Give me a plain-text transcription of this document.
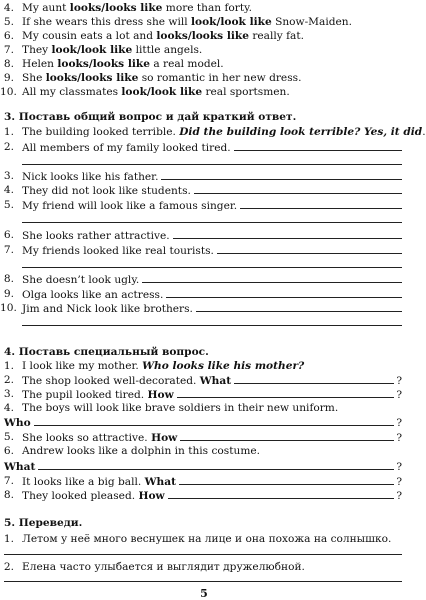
4. My aunt looks/looks like more than forty.
5. If she wears this dress she will look/look like Snow-Maiden.
6. My cousin eats a lot and looks/looks like really fat.
7. They look/look like little angels.
8. Helen looks/looks like a real model.
9. She looks/looks like so romantic in her new dress.
10. All my classmates look/look like real sportsmen.
3. Поставь общий вопрос и дай краткий ответ.
1. The building looked terrible. Did the building look terrible? Yes, it did .
2. All members of my family looked tired.
3. Nick looks like his father.
4. They did not look like students.
5. My friend will look like a famous singer.
6. She looks rather attractive.
7. My friends looked like real tourists.
8. She doesn’t look ugly.
9. Olga looks like an actress.
10. Jim and Nick look like brothers.
4. Поставь специальный вопрос.
1. I look like my mother.
Who looks like his mother?
2. The shop looked well-decorated.
What	?
3. The pupil looked tired.
How	?
4. The boys will look like brave soldiers in their new uniform.
Who	?
5. She looks so attractive.
How	?
6. Andrew looks like a dolphin in this costume.
What	?
7. It looks like a big ball.
What	?
8. They looked pleased.
How	?
5. Переведи.
1. Летом у неё много веснушек на лице и она похожа на солнышко.
2. Елена часто улыбается и выглядит дружелюбной.
5
